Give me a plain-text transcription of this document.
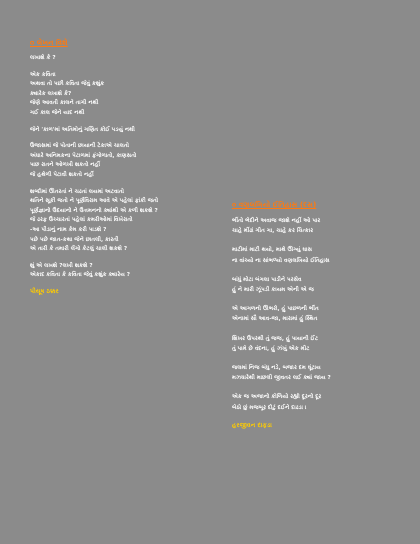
૦ લેખન વિશે
લખાશે કે ?
એક કવિતા
અથવા તો પછી કવિતા જેવું કશુંક
ક્યારેક લખાશે કે?
જેણે આવતી કાલને તાગી નથી
ગઈ કાલ જેને યાદ નથી
જેને 'કાળ'માં અતિમોનું ગણિત કોઈ પડયું નથી
ઉજાસમાં જે પોતાની છાયાની ટેકાએ ચાલતો
અંધારે અનિમકના પેટાળમાં ફંગોળાતો, કાણસતો
પાછ રાતને ઓળખી શકતો નહીં
જે હથેળી પેટાવી શકતો નહીં
શબ્દોમાં ઊતરતાં ને ચઢતાં લયમાં અટવાતો
થતિને સૂકી જતો ને પૂર્ણવિરામ આવે એ પહેલાં ફાંકી જતો
પૂર્ણજ્ઞાનો ઉદયાનો ને ઉત્તમનનો ક્યાંથી એ કળી શકશે ?
જે ઢરફ ઉચ્ચારતાં પહેલાં કમરીઓમાં વિખેરાતો
-આ પીડાનું નામ કેમ કરી પાડશે ?
પછે પછે જાત-કથા જેને છાતલી, કારતી
એ તારી કે તમારી લેંગો કેટલું ચાલી શકશે ?
શું એ લખશે ?લખી શકશે ?
એકાદ કવિતા કે કવિતા જેવું કશુંક ક્યારેય ?
પીયૂષ ઠક્કર
૦ વણલખિયો ઈતિહાસ (દસ)
ભીંતો ભેદીને અવાજ જાશે નહીં ઓ પાર
ચાહે મીંઢાં ગીત ગા, ચાહે કર ચિત્કાર
માટીમાં માટી થયો, માથે ઊગ્યું ઘાસ
ના વાંચ્યો ના સાંભળ્યો વણલખિયો ઈતિહાસ
બાંધું મોટા બંગલા પાડીને પરસેવ
હું ને મારી ઝૂંપડી કાયમ એની એ જ
એ આગળનો ઊભરો, હું પાછળની ભીંત
એનામાં સૌ આવ-જા, મારામાં હું સ્થિત
શિખર ઉપરથી તું જજ, હું પાયાની ઈંટ
તું પામે છે વંદના, હું ઝંખું એક મીટ
જલમાં નિજ બંધુ નડે, બજાર દમ ઘૂંટાય
મઝધારેથી માછલી જીવતર લઈ ક્યાં જાય ?
એક જ અજાનો કોળિયો રહ્યો દૂરનો દૂર
બેઠો છું મજબૂર દોટું દઈને દાઢડા ।
હરજીવન દાફડા
